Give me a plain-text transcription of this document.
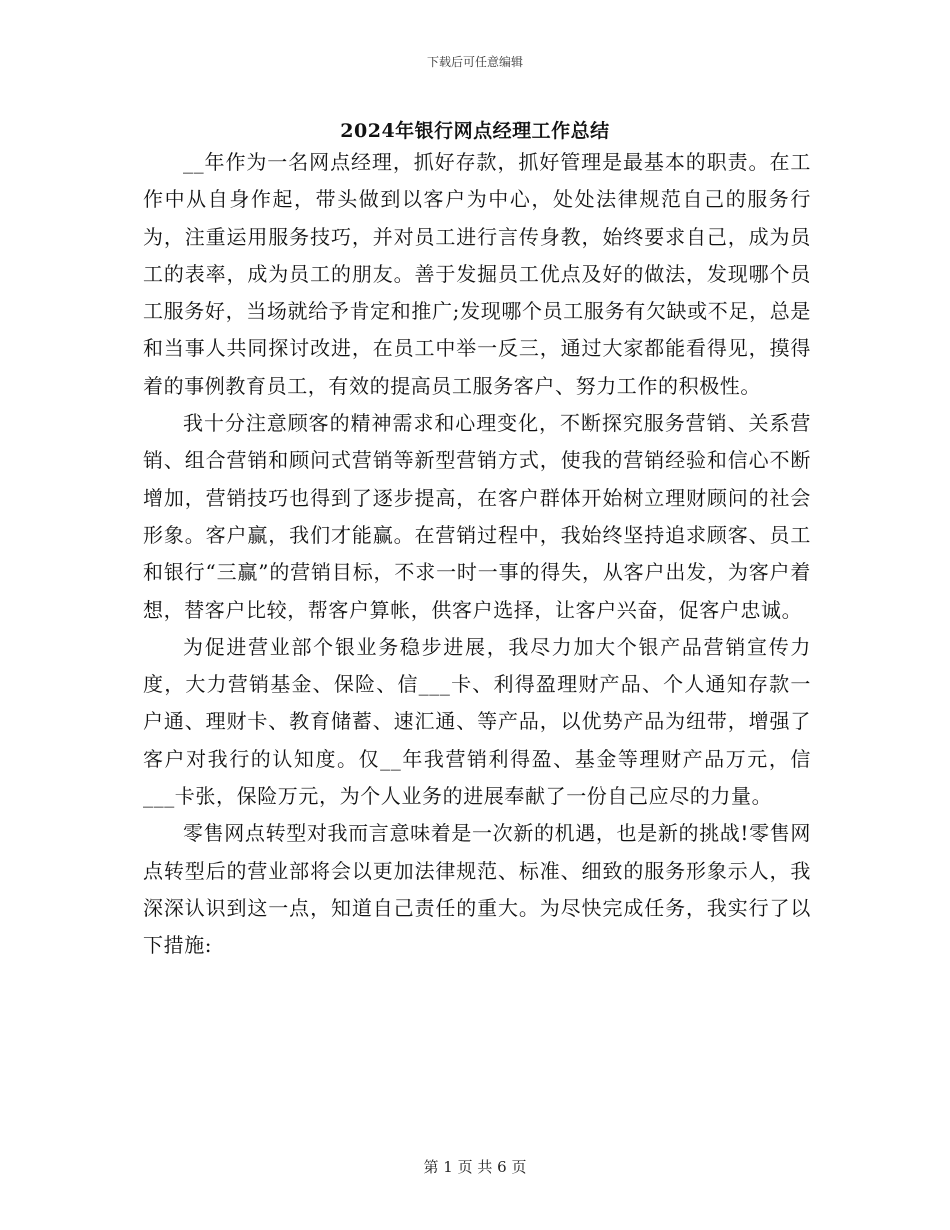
下载后可任意编辑
2024年银行网点经理工作总结

__年作为一名网点经理，抓好存款，抓好管理是最基本的职责。在工作中从自身作起，带头做到以客户为中心，处处法律规范自己的服务行为，注重运用服务技巧，并对员工进行言传身教，始终要求自己，成为员工的表率，成为员工的朋友。善于发掘员工优点及好的做法，发现哪个员工服务好，当场就给予肯定和推广;发现哪个员工服务有欠缺或不足，总是和当事人共同探讨改进，在员工中举一反三，通过大家都能看得见，摸得着的事例教育员工，有效的提高员工服务客户、努力工作的积极性。

我十分注意顾客的精神需求和心理变化，不断探究服务营销、关系营销、组合营销和顾问式营销等新型营销方式，使我的营销经验和信心不断增加，营销技巧也得到了逐步提高，在客户群体开始树立理财顾问的社会形象。客户赢，我们才能赢。在营销过程中，我始终坚持追求顾客、员工和银行“三赢”的营销目标，不求一时一事的得失，从客户出发，为客户着想，替客户比较，帮客户算帐，供客户选择，让客户兴奋，促客户忠诚。

为促进营业部个银业务稳步进展，我尽力加大个银产品营销宣传力度，大力营销基金、保险、信___卡、利得盈理财产品、个人通知存款一户通、理财卡、教育储蓄、速汇通、等产品，以优势产品为纽带，增强了客户对我行的认知度。仅__年我营销利得盈、基金等理财产品万元，信___卡张，保险万元，为个人业务的进展奉献了一份自己应尽的力量。

零售网点转型对我而言意味着是一次新的机遇，也是新的挑战!零售网点转型后的营业部将会以更加法律规范、标准、细致的服务形象示人，我深深认识到这一点，知道自己责任的重大。为尽快完成任务，我实行了以下措施:

第 1 页 共 6 页
